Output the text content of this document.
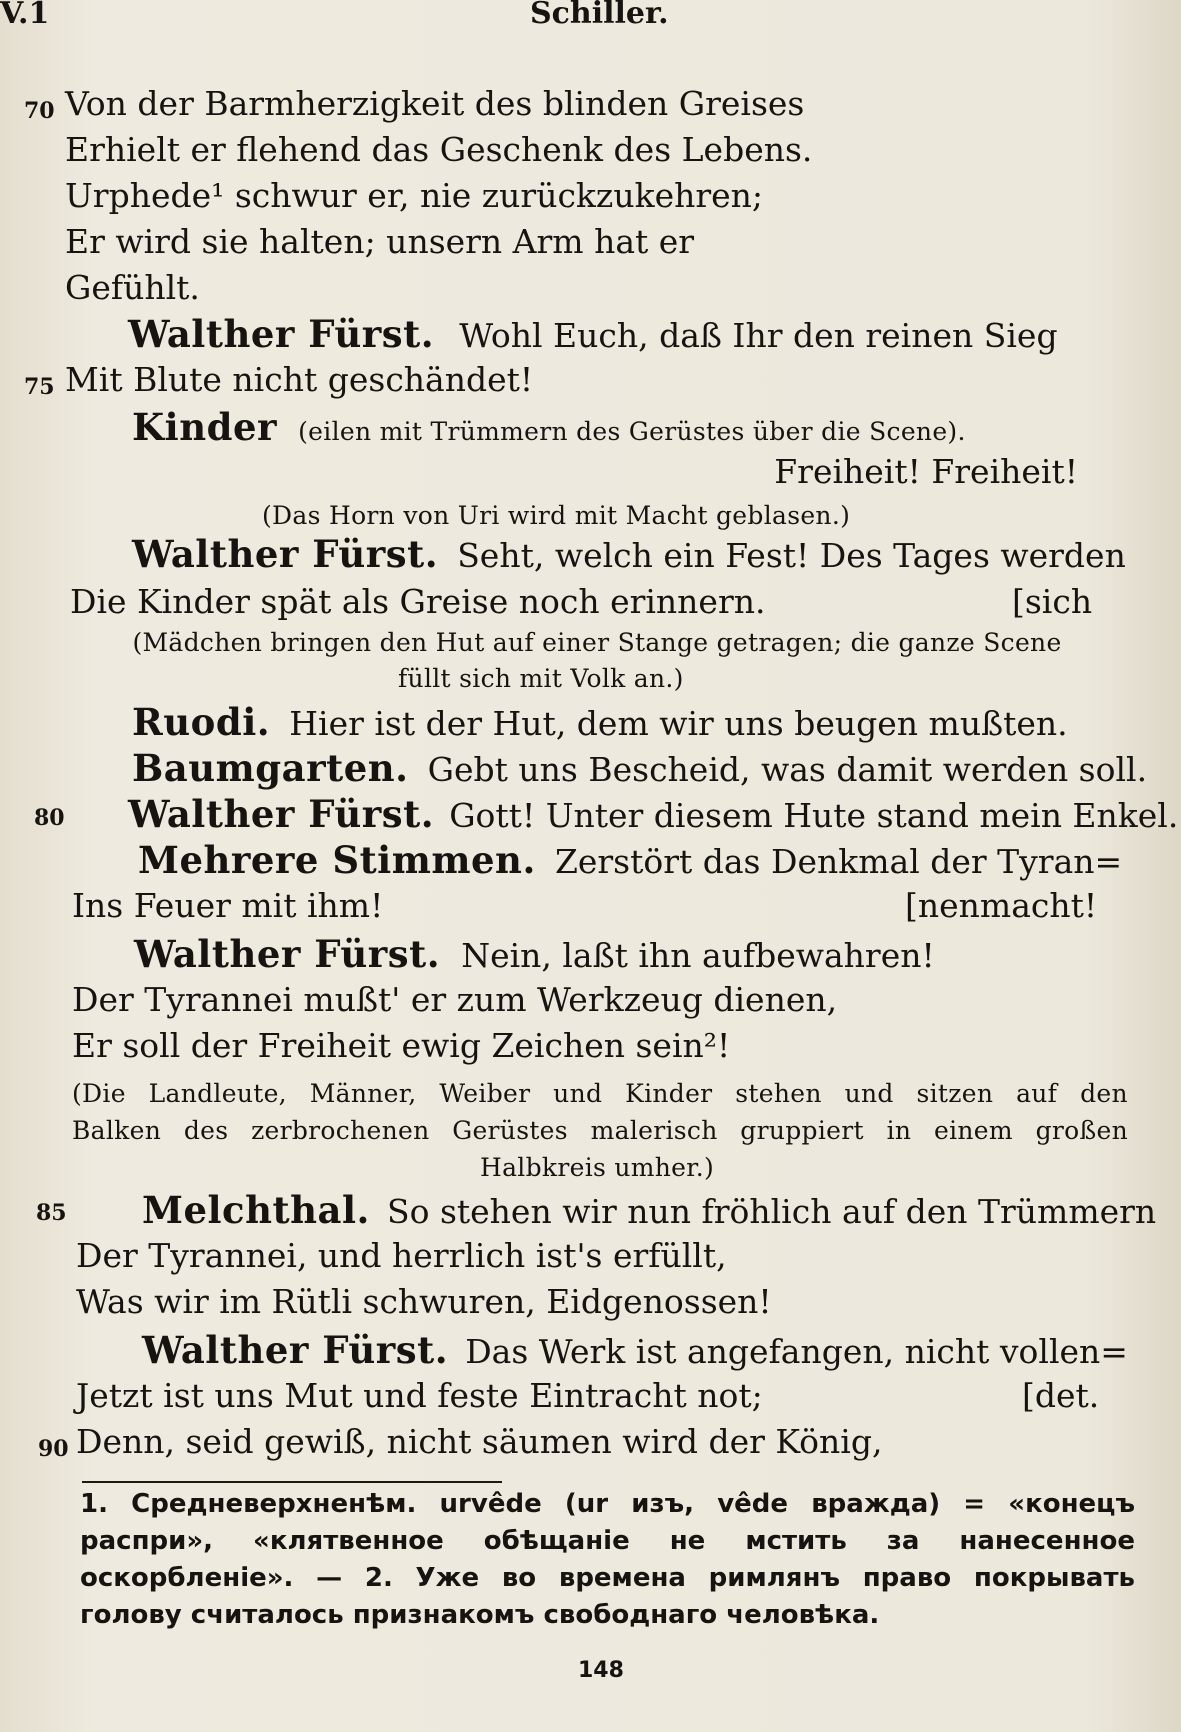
V.1	Schiller.
70 Von der Barmherzigkeit des blinden Greises
Erhielt er flehend das Geschenk des Lebens.
Urphede¹ schwur er, nie zurückzukehren;
Er wird sie halten; unsern Arm hat er
Gefühlt.
Walther Fürst. Wohl Euch, daß Ihr den reinen Sieg
75 Mit Blute nicht geschändet!
Kinder (eilen mit Trümmern des Gerüstes über die Scene).
Freiheit! Freiheit!
(Das Horn von Uri wird mit Macht geblasen.)
Walther Fürst. Seht, welch ein Fest! Des Tages werden
Die Kinder spät als Greise noch erinnern.	[sich
(Mädchen bringen den Hut auf einer Stange getragen; die ganze Scene
füllt sich mit Volk an.)
Ruodi. Hier ist der Hut, dem wir uns beugen mußten.
Baumgarten. Gebt uns Bescheid, was damit werden soll.
80 Walther Fürst. Gott! Unter diesem Hute stand mein Enkel.
Mehrere Stimmen. Zerstört das Denkmal der Tyran=
Ins Feuer mit ihm!	[nenmacht!
Walther Fürst. Nein, laßt ihn aufbewahren!
Der Tyrannei mußt' er zum Werkzeug dienen,
Er soll der Freiheit ewig Zeichen sein²!
(Die Landleute, Männer, Weiber und Kinder stehen und sitzen auf den
Balken des zerbrochenen Gerüstes malerisch gruppiert in einem großen
Halbkreis umher.)
85 Melchthal. So stehen wir nun fröhlich auf den Trümmern
Der Tyrannei, und herrlich ist's erfüllt,
Was wir im Rütli schwuren, Eidgenossen!
Walther Fürst. Das Werk ist angefangen, nicht vollen=
Jetzt ist uns Mut und feste Eintracht not;	[det.
90 Denn, seid gewiß, nicht säumen wird der König,
1. Средневерхненѣм. urvêde (ur изъ, vêde вражда) = «конецъ распри», «клятвенное обѣщаніе не мстить за нанесенное оскорбленіе». — 2. Уже во времена римлянъ право покрывать голову считалось признакомъ свободнаго человѣка.
148
